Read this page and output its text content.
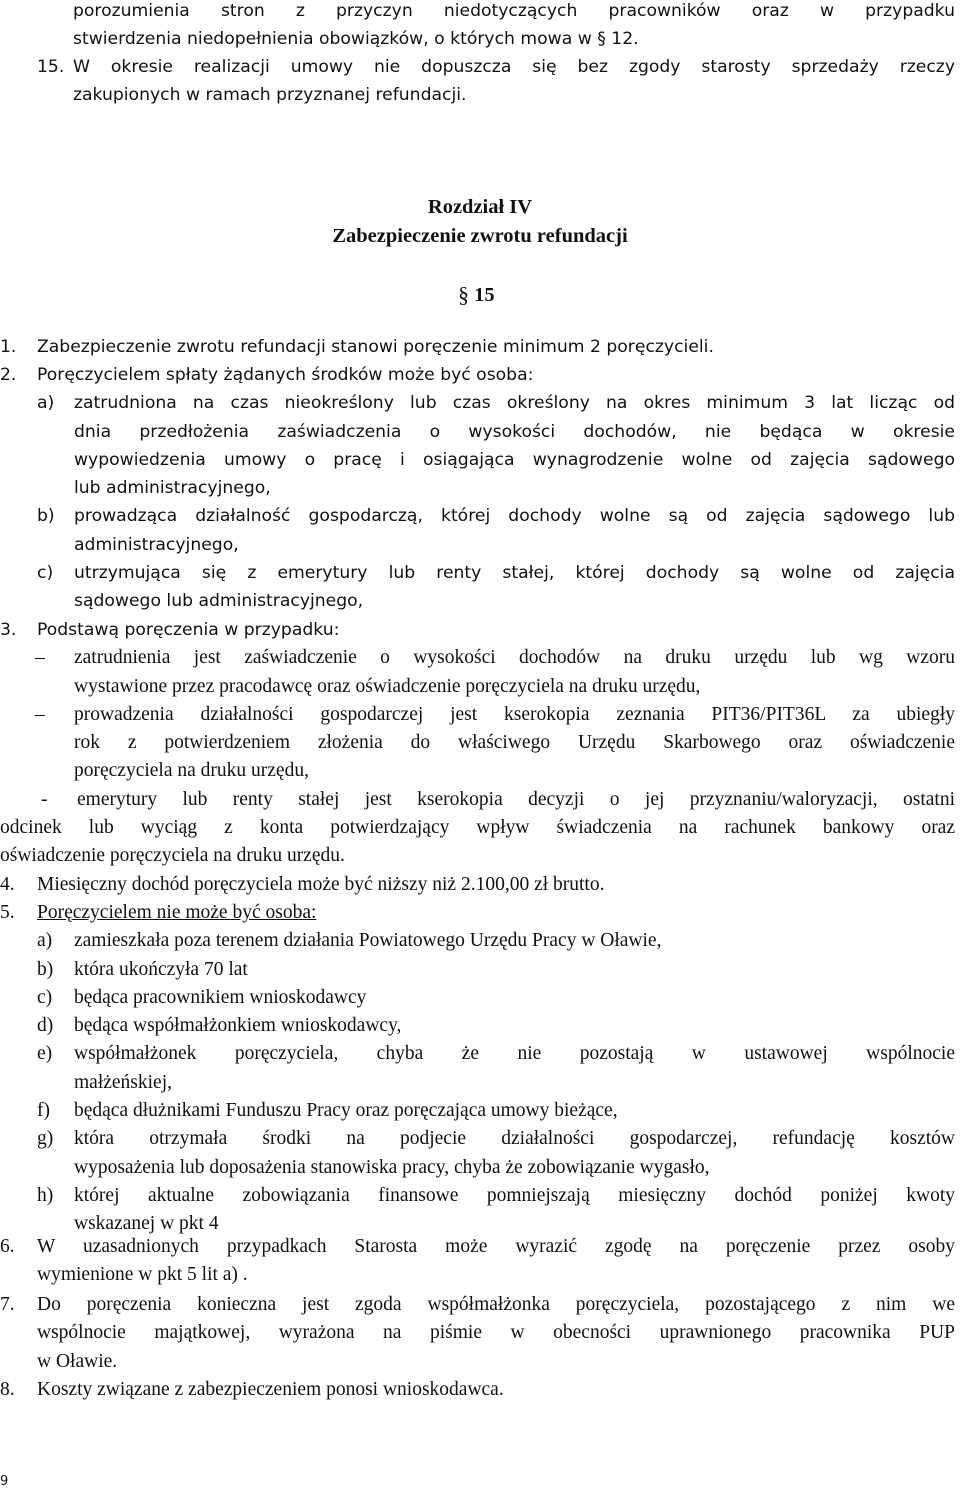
porozumienia stron z przyczyn niedotyczących pracowników oraz w przypadku
stwierdzenia niedopełnienia obowiązków, o których mowa w § 12.
15. W okresie realizacji umowy nie dopuszcza się bez zgody starosty sprzedaży rzeczy
zakupionych w ramach przyznanej refundacji.
Rozdział IV
Zabezpieczenie zwrotu refundacji
§ 15
1.	Zabezpieczenie zwrotu refundacji stanowi poręczenie minimum 2 poręczycieli.
2.	Poręczycielem spłaty żądanych środków może być osoba:
a)	zatrudniona na czas nieokreślony lub czas określony na okres minimum 3 lat licząc od
dnia przedłożenia zaświadczenia o wysokości dochodów, nie będąca w okresie
wypowiedzenia umowy o pracę i osiągająca wynagrodzenie wolne od zajęcia sądowego
lub administracyjnego,
b)	prowadząca działalność gospodarczą, której dochody wolne są od zajęcia sądowego lub
administracyjnego,
c)	utrzymująca się z emerytury lub renty stałej, której dochody są wolne od zajęcia
sądowego lub administracyjnego,
3.	Podstawą poręczenia w przypadku:
–	zatrudnienia jest zaświadczenie o wysokości dochodów na druku urzędu lub wg wzoru
wystawione przez pracodawcę oraz oświadczenie poręczyciela na druku urzędu,
–	prowadzenia działalności gospodarczej jest kserokopia zeznania PIT36/PIT36L za ubiegły
rok z potwierdzeniem złożenia do właściwego Urzędu Skarbowego oraz oświadczenie
poręczyciela na druku urzędu,
-	emerytury lub renty stałej jest kserokopia decyzji o jej przyznaniu/waloryzacji, ostatni
odcinek lub wyciąg z konta potwierdzający wpływ świadczenia na rachunek bankowy oraz
oświadczenie poręczyciela na druku urzędu.
4.	Miesięczny dochód poręczyciela może być niższy niż 2.100,00 zł brutto.
5.	Poręczycielem nie może być osoba:
a)	zamieszkała poza terenem działania Powiatowego Urzędu Pracy w Oławie,
b)	która ukończyła 70 lat
c)	będąca pracownikiem wnioskodawcy
d)	będąca współmałżonkiem wnioskodawcy,
e)	współmałżonek poręczyciela, chyba że nie pozostają w ustawowej wspólnocie
małżeńskiej,
f)	będąca dłużnikami Funduszu Pracy oraz poręczająca umowy bieżące,
g)	która otrzymała środki na podjecie działalności gospodarczej, refundację kosztów
wyposażenia lub doposażenia stanowiska pracy, chyba że zobowiązanie wygasło,
h)	której aktualne zobowiązania finansowe pomniejszają miesięczny dochód poniżej kwoty
wskazanej w pkt 4
6.	W uzasadnionych przypadkach Starosta może wyrazić zgodę na poręczenie przez osoby
wymienione w pkt 5 lit a) .
7.	Do poręczenia konieczna jest zgoda współmałżonka poręczyciela, pozostającego z nim we
wspólnocie majątkowej, wyrażona na piśmie w obecności uprawnionego pracownika PUP
w Oławie.
8.	Koszty związane z zabezpieczeniem ponosi wnioskodawca.
9
